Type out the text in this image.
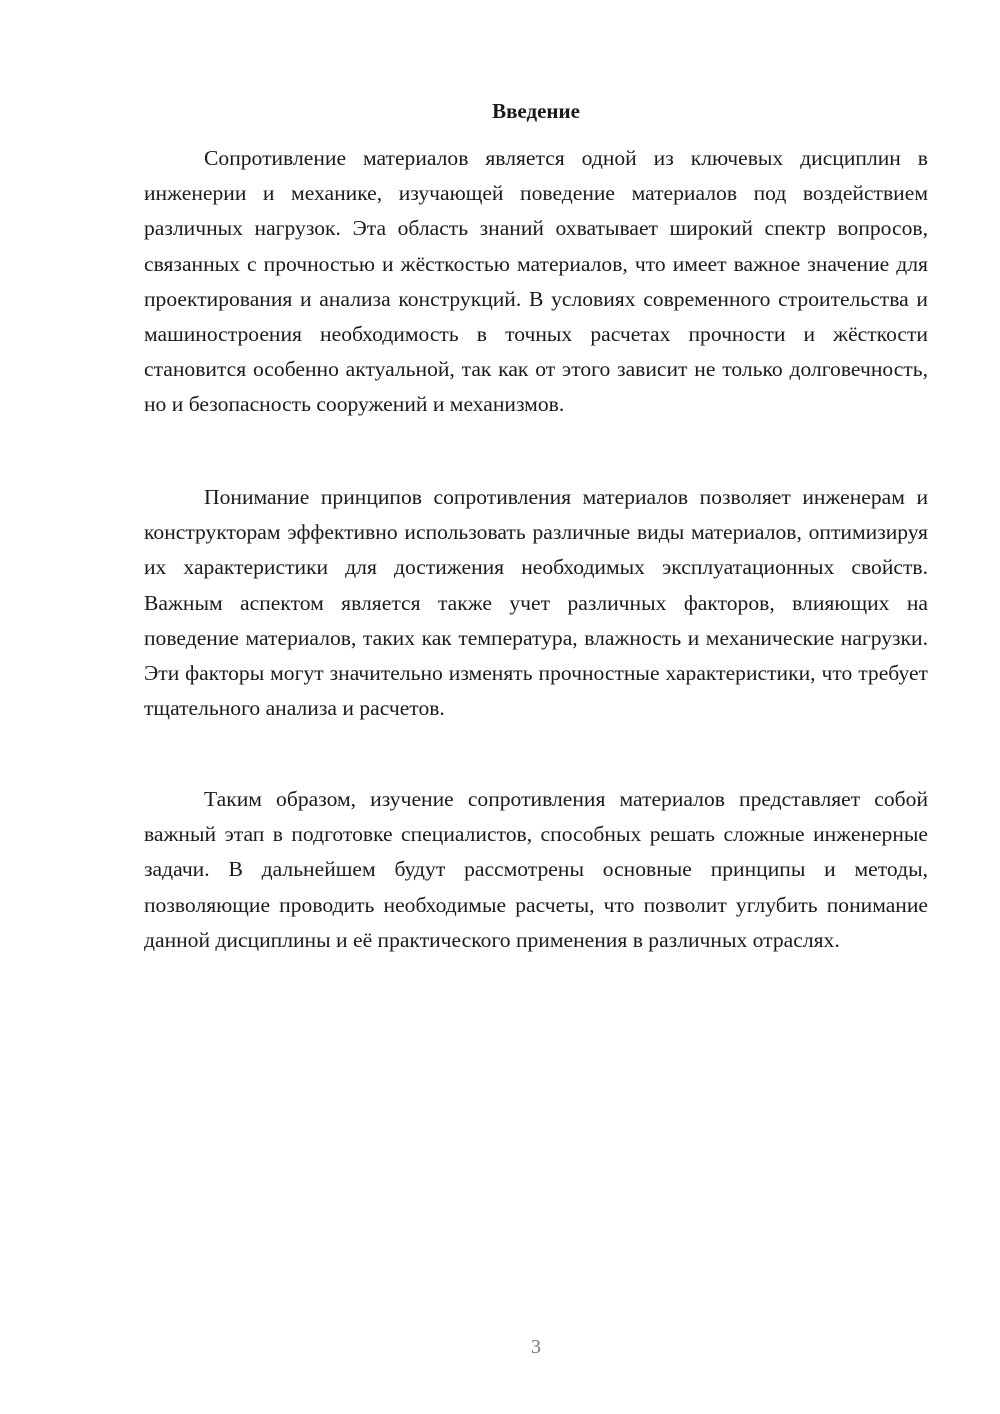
Введение

Сопротивление материалов является одной из ключевых дисциплин в инженерии и механике, изучающей поведение материалов под воздействием различных нагрузок. Эта область знаний охватывает широкий спектр вопросов, связанных с прочностью и жёсткостью материалов, что имеет важное значение для проектирования и анализа конструкций. В условиях современного строительства и машиностроения необходимость в точных расчетах прочности и жёсткости становится особенно актуальной, так как от этого зависит не только долговечность, но и безопасность сооружений и механизмов.

Понимание принципов сопротивления материалов позволяет инженерам и конструкторам эффективно использовать различные виды материалов, оптимизируя их характеристики для достижения необходимых эксплуатационных свойств. Важным аспектом является также учет различных факторов, влияющих на поведение материалов, таких как температура, влажность и механические нагрузки. Эти факторы могут значительно изменять прочностные характеристики, что требует тщательного анализа и расчетов.

Таким образом, изучение сопротивления материалов представляет собой важный этап в подготовке специалистов, способных решать сложные инженерные задачи. В дальнейшем будут рассмотрены основные принципы и методы, позволяющие проводить необходимые расчеты, что позволит углубить понимание данной дисциплины и её практического применения в различных отраслях.

3
